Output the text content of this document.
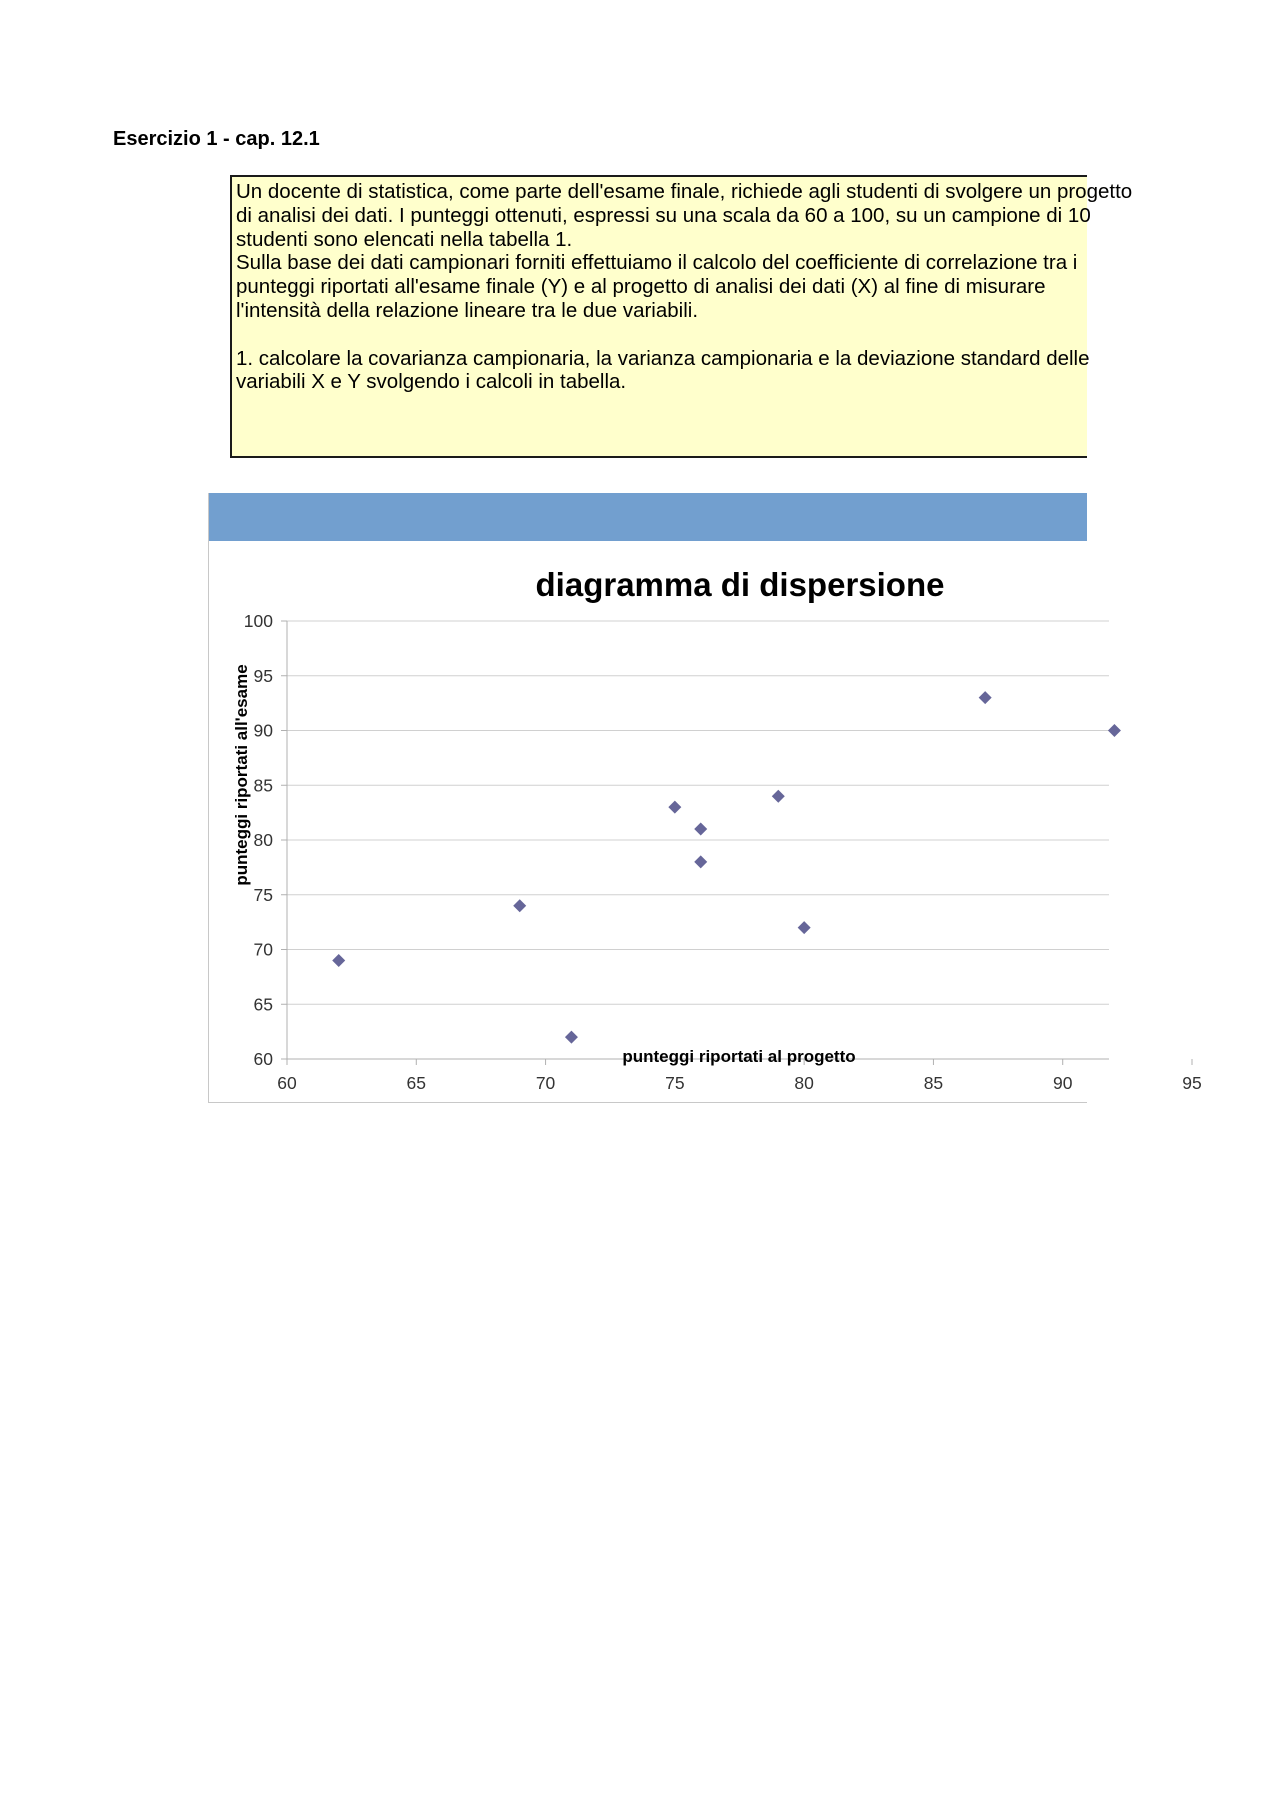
Esercizio 1 - cap. 12.1
Un docente di statistica, come parte dell'esame finale, richiede agli studenti di svolgere un progetto
di analisi dei dati. I punteggi ottenuti, espressi su una scala da 60 a 100, su un campione di 10
studenti sono elencati nella tabella 1.
Sulla base dei dati campionari forniti effettuiamo il calcolo del coefficiente di correlazione tra i
punteggi riportati all'esame finale (Y) e al progetto di analisi dei dati (X) al fine di misurare
l'intensità della relazione lineare tra le due variabili.
1. calcolare la covarianza campionaria, la varianza campionaria e la deviazione standard delle
variabili X e Y svolgendo i calcoli in tabella.
60
65
70
75
80
85
90
95
100
60	65	70	75	80	85	90	95
diagramma di dispersione
punteggi riportati al progetto
punteggi riportati all'esame
